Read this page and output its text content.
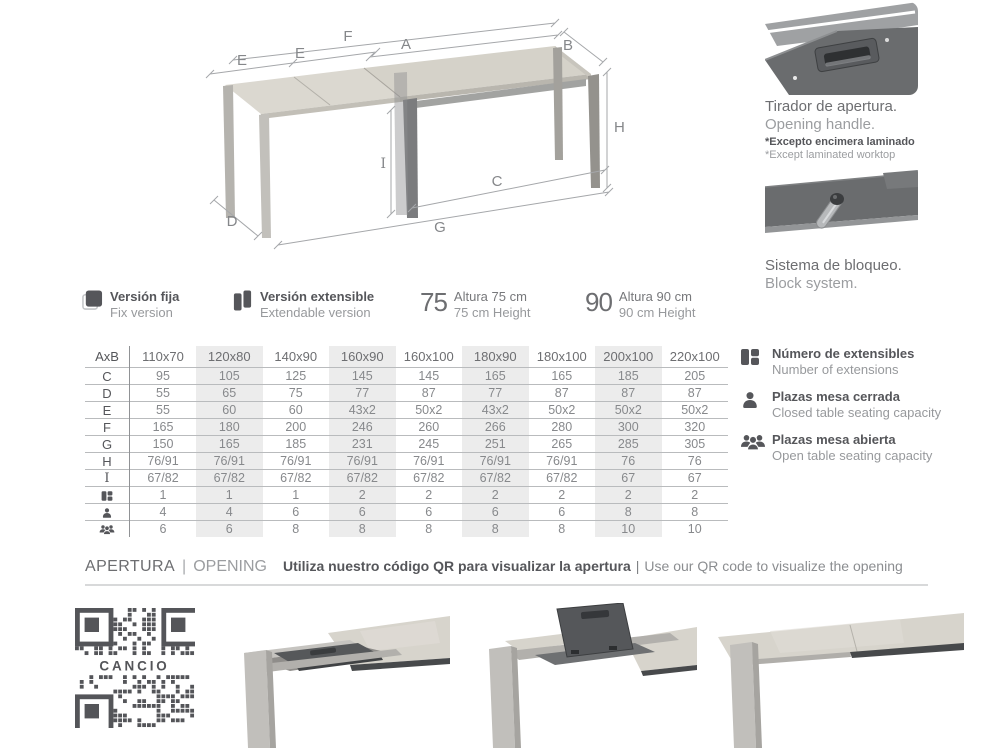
F	A	B
E	E
H
I
C
G
D
Tirador de apertura.
Opening handle.
*Excepto encimera laminado
*Except laminated worktop
Sistema de bloqueo.
Block system.
Versión fija
Fix version
Versión extensible
Extendable version 75 Altura 75 cm
75 cm Height 90 Altura 90 cm
90 cm Height
AxB	110x70	120x80	140x90	160x90	160x100	180x90	180x100	200x100	220x100
C	95	105	125	145	145	165	165	185	205
D	55	65	75	77	87	77	87	87	87
E	55	60	60	43x2	50x2	43x2	50x2	50x2	50x2
F	165	180	200	246	260	266	280	300	320
G	150	165	185	231	245	251	265	285	305
H	76/91	76/91	76/91	76/91	76/91	76/91	76/91	76	76
I	67/82	67/82	67/82	67/82	67/82	67/82	67/82	67	67
	1	1	1	2	2	2	2	2	2
	4	4	6	6	6	6	6	8	8
	6	6	8	8	8	8	8	10	10
Número de extensibles
Number of extensions
Plazas mesa cerrada
Closed table seating capacity
Plazas mesa abierta
Open table seating capacity
APERTURA | OPENING Utiliza nuestro código QR para visualizar la apertura | Use our QR code to visualize the opening
CANCIO
